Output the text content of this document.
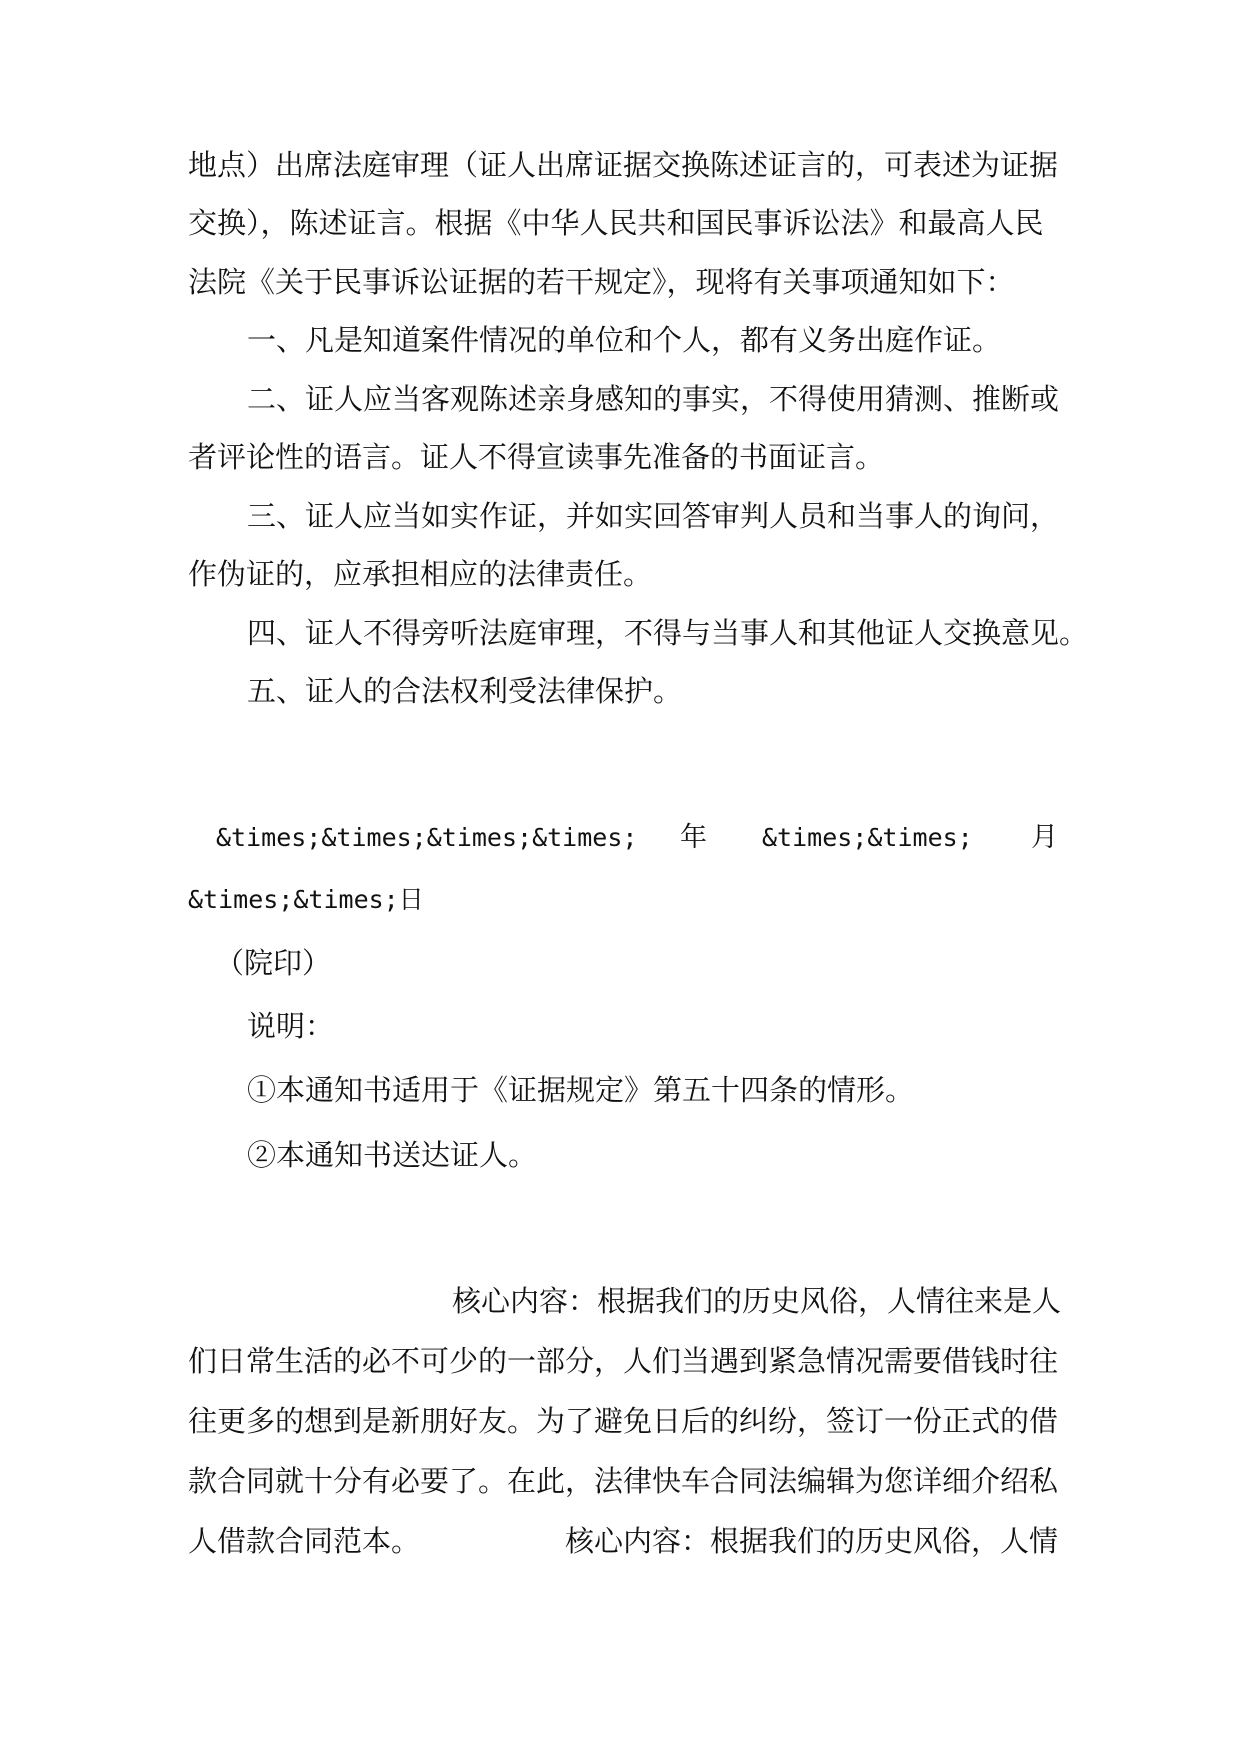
地点）出席法庭审理（证人出席证据交换陈述证言的，可表述为证据
交换），陈述证言。根据《中华人民共和国民事诉讼法》和最高人民
法院《关于民事诉讼证据的若干规定》，现将有关事项通知如下：
一、凡是知道案件情况的单位和个人，都有义务出庭作证。
二、证人应当客观陈述亲身感知的事实，不得使用猜测、推断或
者评论性的语言。证人不得宣读事先准备的书面证言。
三、证人应当如实作证，并如实回答审判人员和当事人的询问，
作伪证的，应承担相应的法律责任。
四、证人不得旁听法庭审理，不得与当事人和其他证人交换意见。
五、证人的合法权利受法律保护。
&times;&times;&times;&times; 年 &times;&times; 月
&times;&times;日
（院印）
说明：
①本通知书适用于《证据规定》第五十四条的情形。
②本通知书送达证人。
核心内容：根据我们的历史风俗，人情往来是人
们日常生活的必不可少的一部分，人们当遇到紧急情况需要借钱时往
往更多的想到是新朋好友。为了避免日后的纠纷，签订一份正式的借
款合同就十分有必要了。在此，法律快车合同法编辑为您详细介绍私
人借款合同范本。	核心内容：根据我们的历史风俗，人情
